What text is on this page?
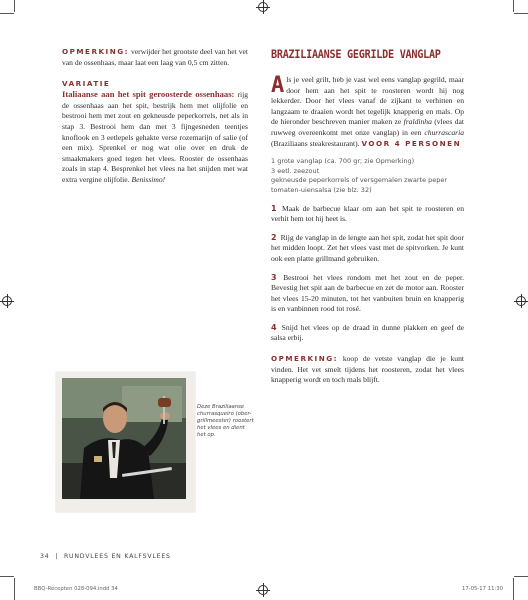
OPMERKING: verwijder het grootste deel van het vet van de ossenhaas, maar laat een laag van 0,5 cm zitten.

VARIATIE

Italiaanse aan het spit geroosterde ossenhaas: rijg de ossenhaas aan het spit, bestrijk hem met olijfolie en bestrooi hem met zout en gekneusde peperkorrels, net als in stap 3. Bestrooi hem dan met 3 fijngesneden teentjes knoflook en 3 eetlepels gehakte verse rozemarijn of salie (of een mix). Sprenkel er nog wat olie over en druk de smaakmakers goed tegen het vlees. Rooster de ossenhaas zoals in stap 4. Besprenkel het vlees na het snijden met wat extra vergine olijfolie. Benissimo!

Deze Braziliaanse churrasqueiro (ober-grillmeester) roostert het vlees en dient het op.
BRAZILIAANSE GEGRILDE VANGLAP

Als je veel grilt, heb je vast wel eens vanglap gegrild, maar door hem aan het spit te roosteren wordt hij nog lekkerder. Door het vlees vanaf de zijkant te verhitten en langzaam te draaien wordt het tegelijk knapperig en mals. Op de hieronder beschreven manier maken ze fraldinha (vlees dat ruwweg overeenkomt met onze vanglap) in een churrascaria (Braziliaans steakrestaurant). VOOR 4 PERSONEN

1 grote vanglap (ca. 700 gr; zie Opmerking)
3 eetl. zeezout
gekneusde peperkorrels of versgemalen zwarte peper
tomaten-uiensalsa (zie blz. 32)

1 Maak de barbecue klaar om aan het spit te roosteren en verhit hem tot hij heet is.

2 Rijg de vanglap in de lengte aan het spit, zodat het spit door het midden loopt. Zet het vlees vast met de spitvorken. Je kunt ook een platte grillmand gebruiken.

3 Bestrooi het vlees rondom met het zout en de peper. Bevestig het spit aan de barbecue en zet de motor aan. Rooster het vlees 15-20 minuten, tot het vanbuiten bruin en knapperig is en vanbinnen rood tot rosé.

4 Snijd het vlees op de draad in dunne plakken en geef de salsa erbij.

OPMERKING: koop de vetste vanglap die je kunt vinden. Het vet smelt tijdens het roosteren, zodat het vlees knapperig wordt en toch mals blijft.

34 | RUNDVLEES EN KALFSVLEES
BBQ-Recepten 028-094.indd 34	17-05-17 11:30
